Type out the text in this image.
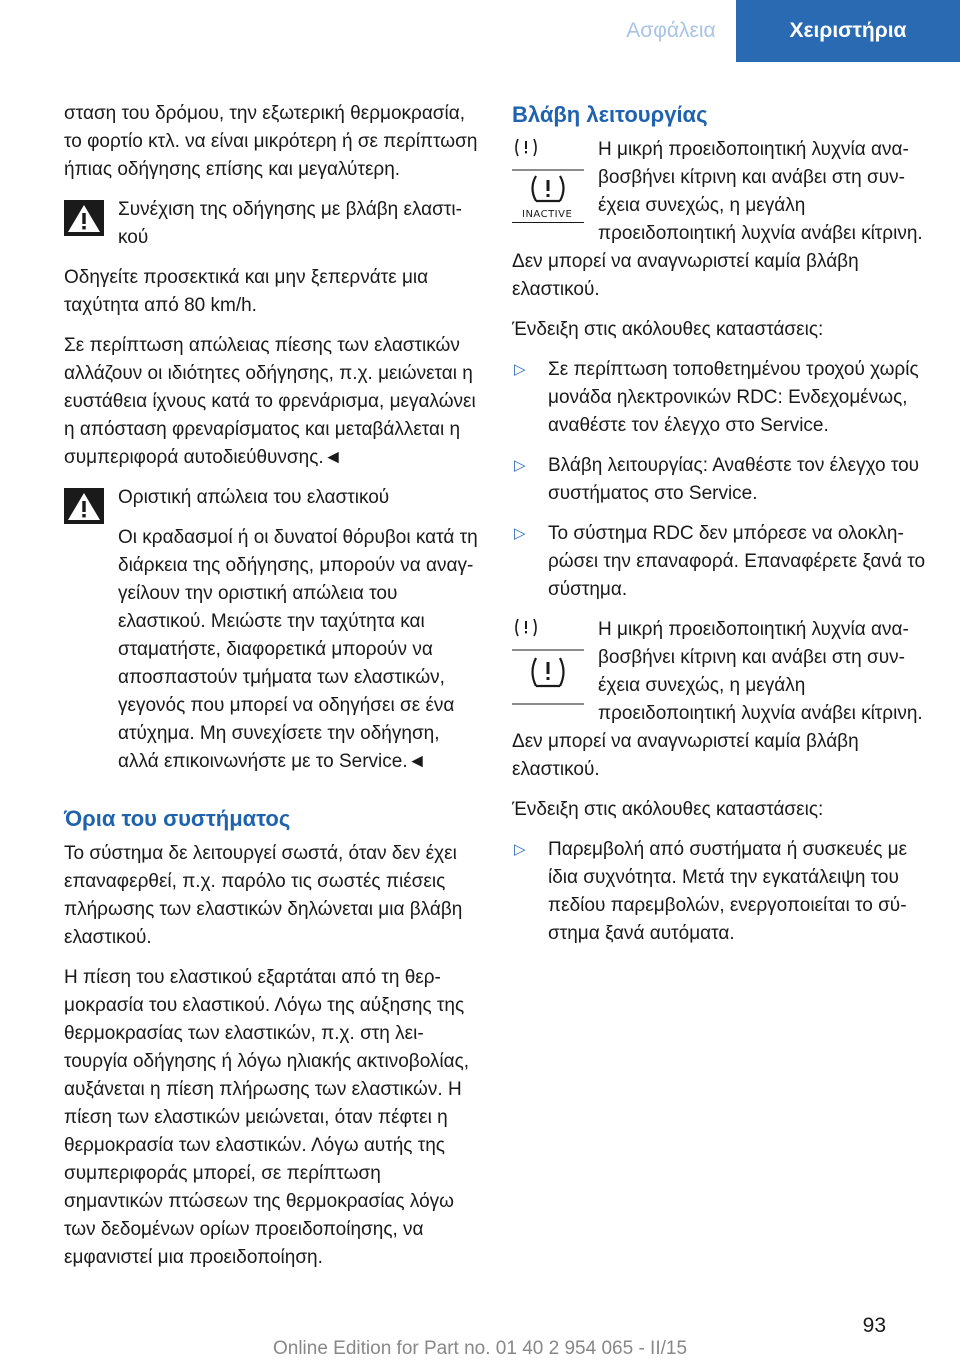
Ασφάλεια	Χειριστήρια

σταση του δρόμου, την εξωτερική θερμοκρασία, το φορτίο κτλ. να είναι μικρότερη ή σε περίπτωση ήπιας οδήγησης επίσης και μεγαλύτερη.

Συνέχιση της οδήγησης με βλάβη ελαστικού

Οδηγείτε προσεκτικά και μην ξεπερνάτε μια ταχύτητα από 80 km/h.

Σε περίπτωση απώλειας πίεσης των ελαστικών αλλάζουν οι ιδιότητες οδήγησης, π.χ. μειώνεται η ευστάθεια ίχνους κατά το φρενάρισμα, μεγαλώνει η απόσταση φρεναρίσματος και μεταβάλλεται η συμπεριφορά αυτοδιεύθυνσης.◄

Οριστική απώλεια του ελαστικού

Οι κραδασμοί ή οι δυνατοί θόρυβοι κατά τη διάρκεια της οδήγησης, μπορούν να αναγγείλουν την οριστική απώλεια του ελαστικού. Μειώστε την ταχύτητα και σταματήστε, διαφορετικά μπορούν να αποσπαστούν τμήματα των ελαστικών, γεγονός που μπορεί να οδηγήσει σε ένα ατύχημα. Μη συνεχίσετε την οδήγηση, αλλά επικοινωνήστε με το Service.◄

Όρια του συστήματος

Το σύστημα δε λειτουργεί σωστά, όταν δεν έχει επαναφερθεί, π.χ. παρόλο τις σωστές πιέσεις πλήρωσης των ελαστικών δηλώνεται μια βλάβη ελαστικού.

Η πίεση του ελαστικού εξαρτάται από τη θερμοκρασία του ελαστικού. Λόγω της αύξησης της θερμοκρασίας των ελαστικών, π.χ. στη λειτουργία οδήγησης ή λόγω ηλιακής ακτινοβολίας, αυξάνεται η πίεση πλήρωσης των ελαστικών. Η πίεση των ελαστικών μειώνεται, όταν πέφτει η θερμοκρασία των ελαστικών. Λόγω αυτής της συμπεριφοράς μπορεί, σε περίπτωση σημαντικών πτώσεων της θερμοκρασίας λόγω των δεδομένων ορίων προειδοποίησης, να εμφανιστεί μια προειδοποίηση.

Βλάβη λειτουργίας
INACTIVE

Η μικρή προειδοποιητική λυχνία αναβοσβήνει κίτρινη και ανάβει στη συνέχεια συνεχώς, η μεγάλη προειδοποιητική λυχνία ανάβει κίτρινη. Δεν μπορεί να αναγνωριστεί καμία βλάβη ελαστικού.

Ένδειξη στις ακόλουθες καταστάσεις:

▷ Σε περίπτωση τοποθετημένου τροχού χωρίς μονάδα ηλεκτρονικών RDC: Ενδεχομένως, αναθέστε τον έλεγχο στο Service.
▷ Βλάβη λειτουργίας: Αναθέστε τον έλεγχο του συστήματος στο Service.
▷ Το σύστημα RDC δεν μπόρεσε να ολοκληρώσει την επαναφορά. Επαναφέρετε ξανά το σύστημα.

Η μικρή προειδοποιητική λυχνία αναβοσβήνει κίτρινη και ανάβει στη συνέχεια συνεχώς, η μεγάλη προειδοποιητική λυχνία ανάβει κίτρινη. Δεν μπορεί να αναγνωριστεί καμία βλάβη ελαστικού.

Ένδειξη στις ακόλουθες καταστάσεις:

▷ Παρεμβολή από συστήματα ή συσκευές με ίδια συχνότητα. Μετά την εγκατάλειψη του πεδίου παρεμβολών, ενεργοποιείται το σύστημα ξανά αυτόματα.
93
Online Edition for Part no. 01 40 2 954 065 - II/15
